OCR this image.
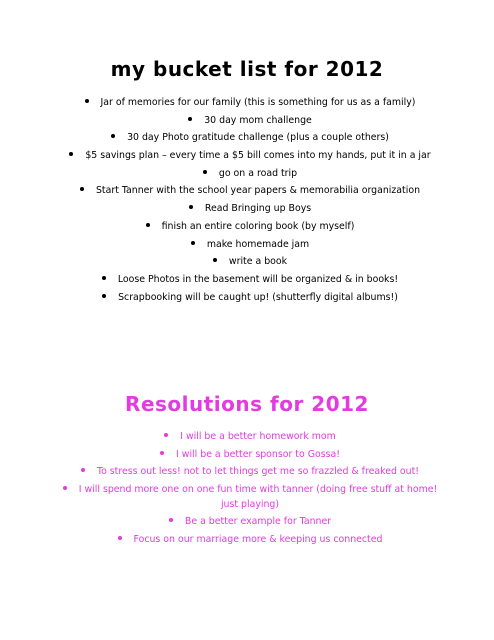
my bucket list for 2012
Jar of memories for our family (this is something for us as a family)
30 day mom challenge
30 day Photo gratitude challenge (plus a couple others)
$5 savings plan – every time a $5 bill comes into my hands, put it in a jar
go on a road trip
Start Tanner with the school year papers & memorabilia organization
Read Bringing up Boys
finish an entire coloring book (by myself)
make homemade jam
write a book
Loose Photos in the basement will be organized & in books!
Scrapbooking will be caught up! (shutterfly digital albums!)
Resolutions for 2012
I will be a better homework mom
I will be a better sponsor to Gossa!
To stress out less! not to let things get me so frazzled & freaked out!
I will spend more one on one fun time with tanner (doing free stuff at home! just playing)
Be a better example for Tanner
Focus on our marriage more & keeping us connected
